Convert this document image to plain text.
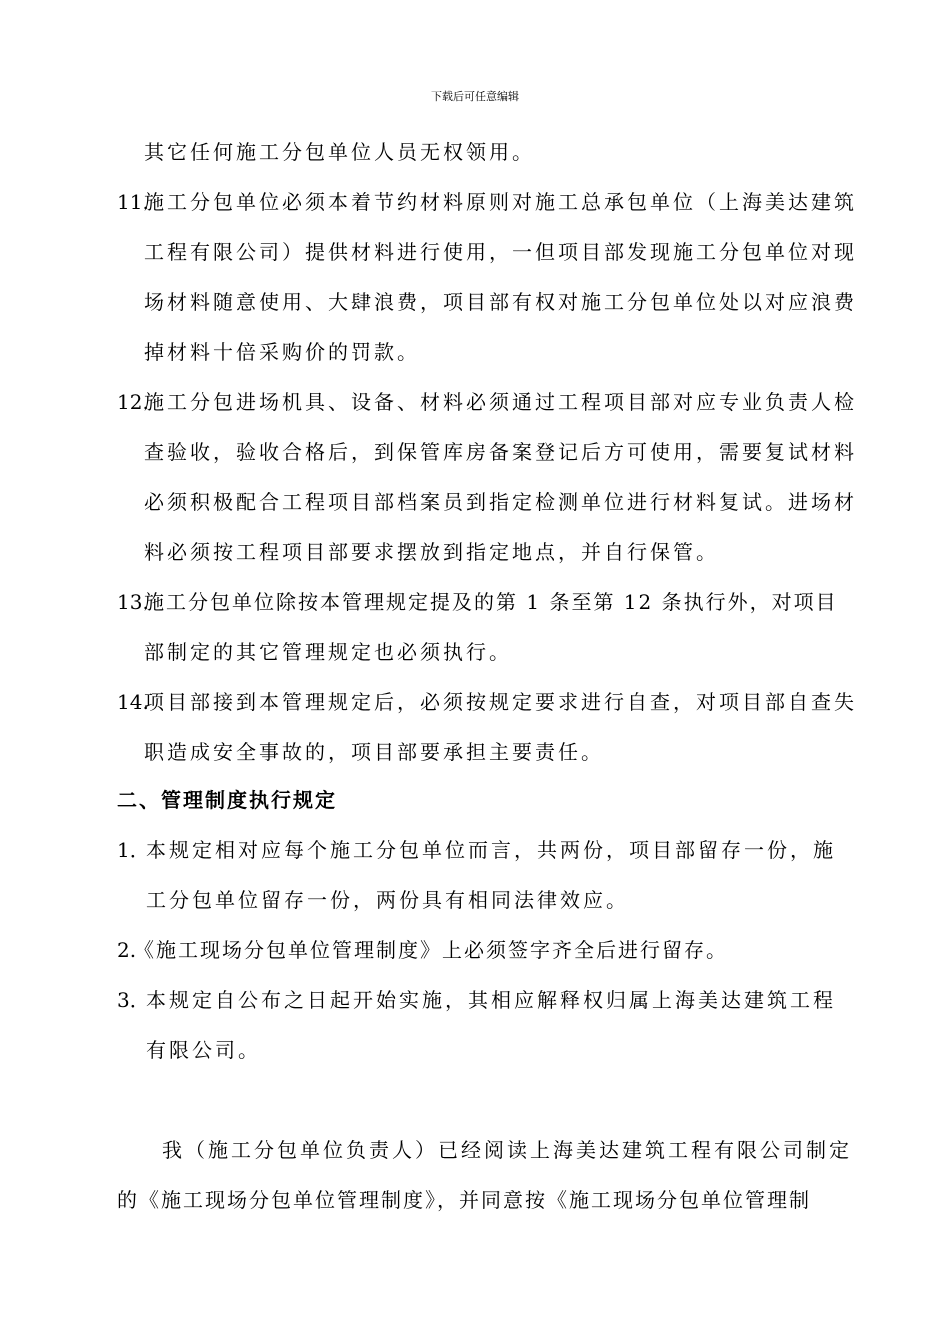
下载后可任意编辑
其它任何施工分包单位人员无权领用。
11.
施工分包单位必须本着节约材料原则对施工总承包单位（上海美达建筑
工程有限公司）提供材料进行使用，一但项目部发现施工分包单位对现
场材料随意使用、大肆浪费，项目部有权对施工分包单位处以对应浪费
掉材料十倍采购价的罚款。
12.
施工分包进场机具、设备、材料必须通过工程项目部对应专业负责人检
查验收，验收合格后，到保管库房备案登记后方可使用，需要复试材料
必须积极配合工程项目部档案员到指定检测单位进行材料复试。进场材
料必须按工程项目部要求摆放到指定地点，并自行保管。
13.
施工分包单位除按本管理规定提及的第 1 条至第 12 条执行外，对项目
部制定的其它管理规定也必须执行。
14.
项目部接到本管理规定后，必须按规定要求进行自查，对项目部自查失
职造成安全事故的，项目部要承担主要责任。
二、管理制度执行规定
1．
本规定相对应每个施工分包单位而言，共两份，项目部留存一份，施
工分包单位留存一份，两份具有相同法律效应。
2.
《施工现场分包单位管理制度》上必须签字齐全后进行留存。
3．
本规定自公布之日起开始实施，其相应解释权归属上海美达建筑工程
有限公司。
我（施工分包单位负责人）已经阅读上海美达建筑工程有限公司制定
的《施工现场分包单位管理制度》，并同意按《施工现场分包单位管理制
